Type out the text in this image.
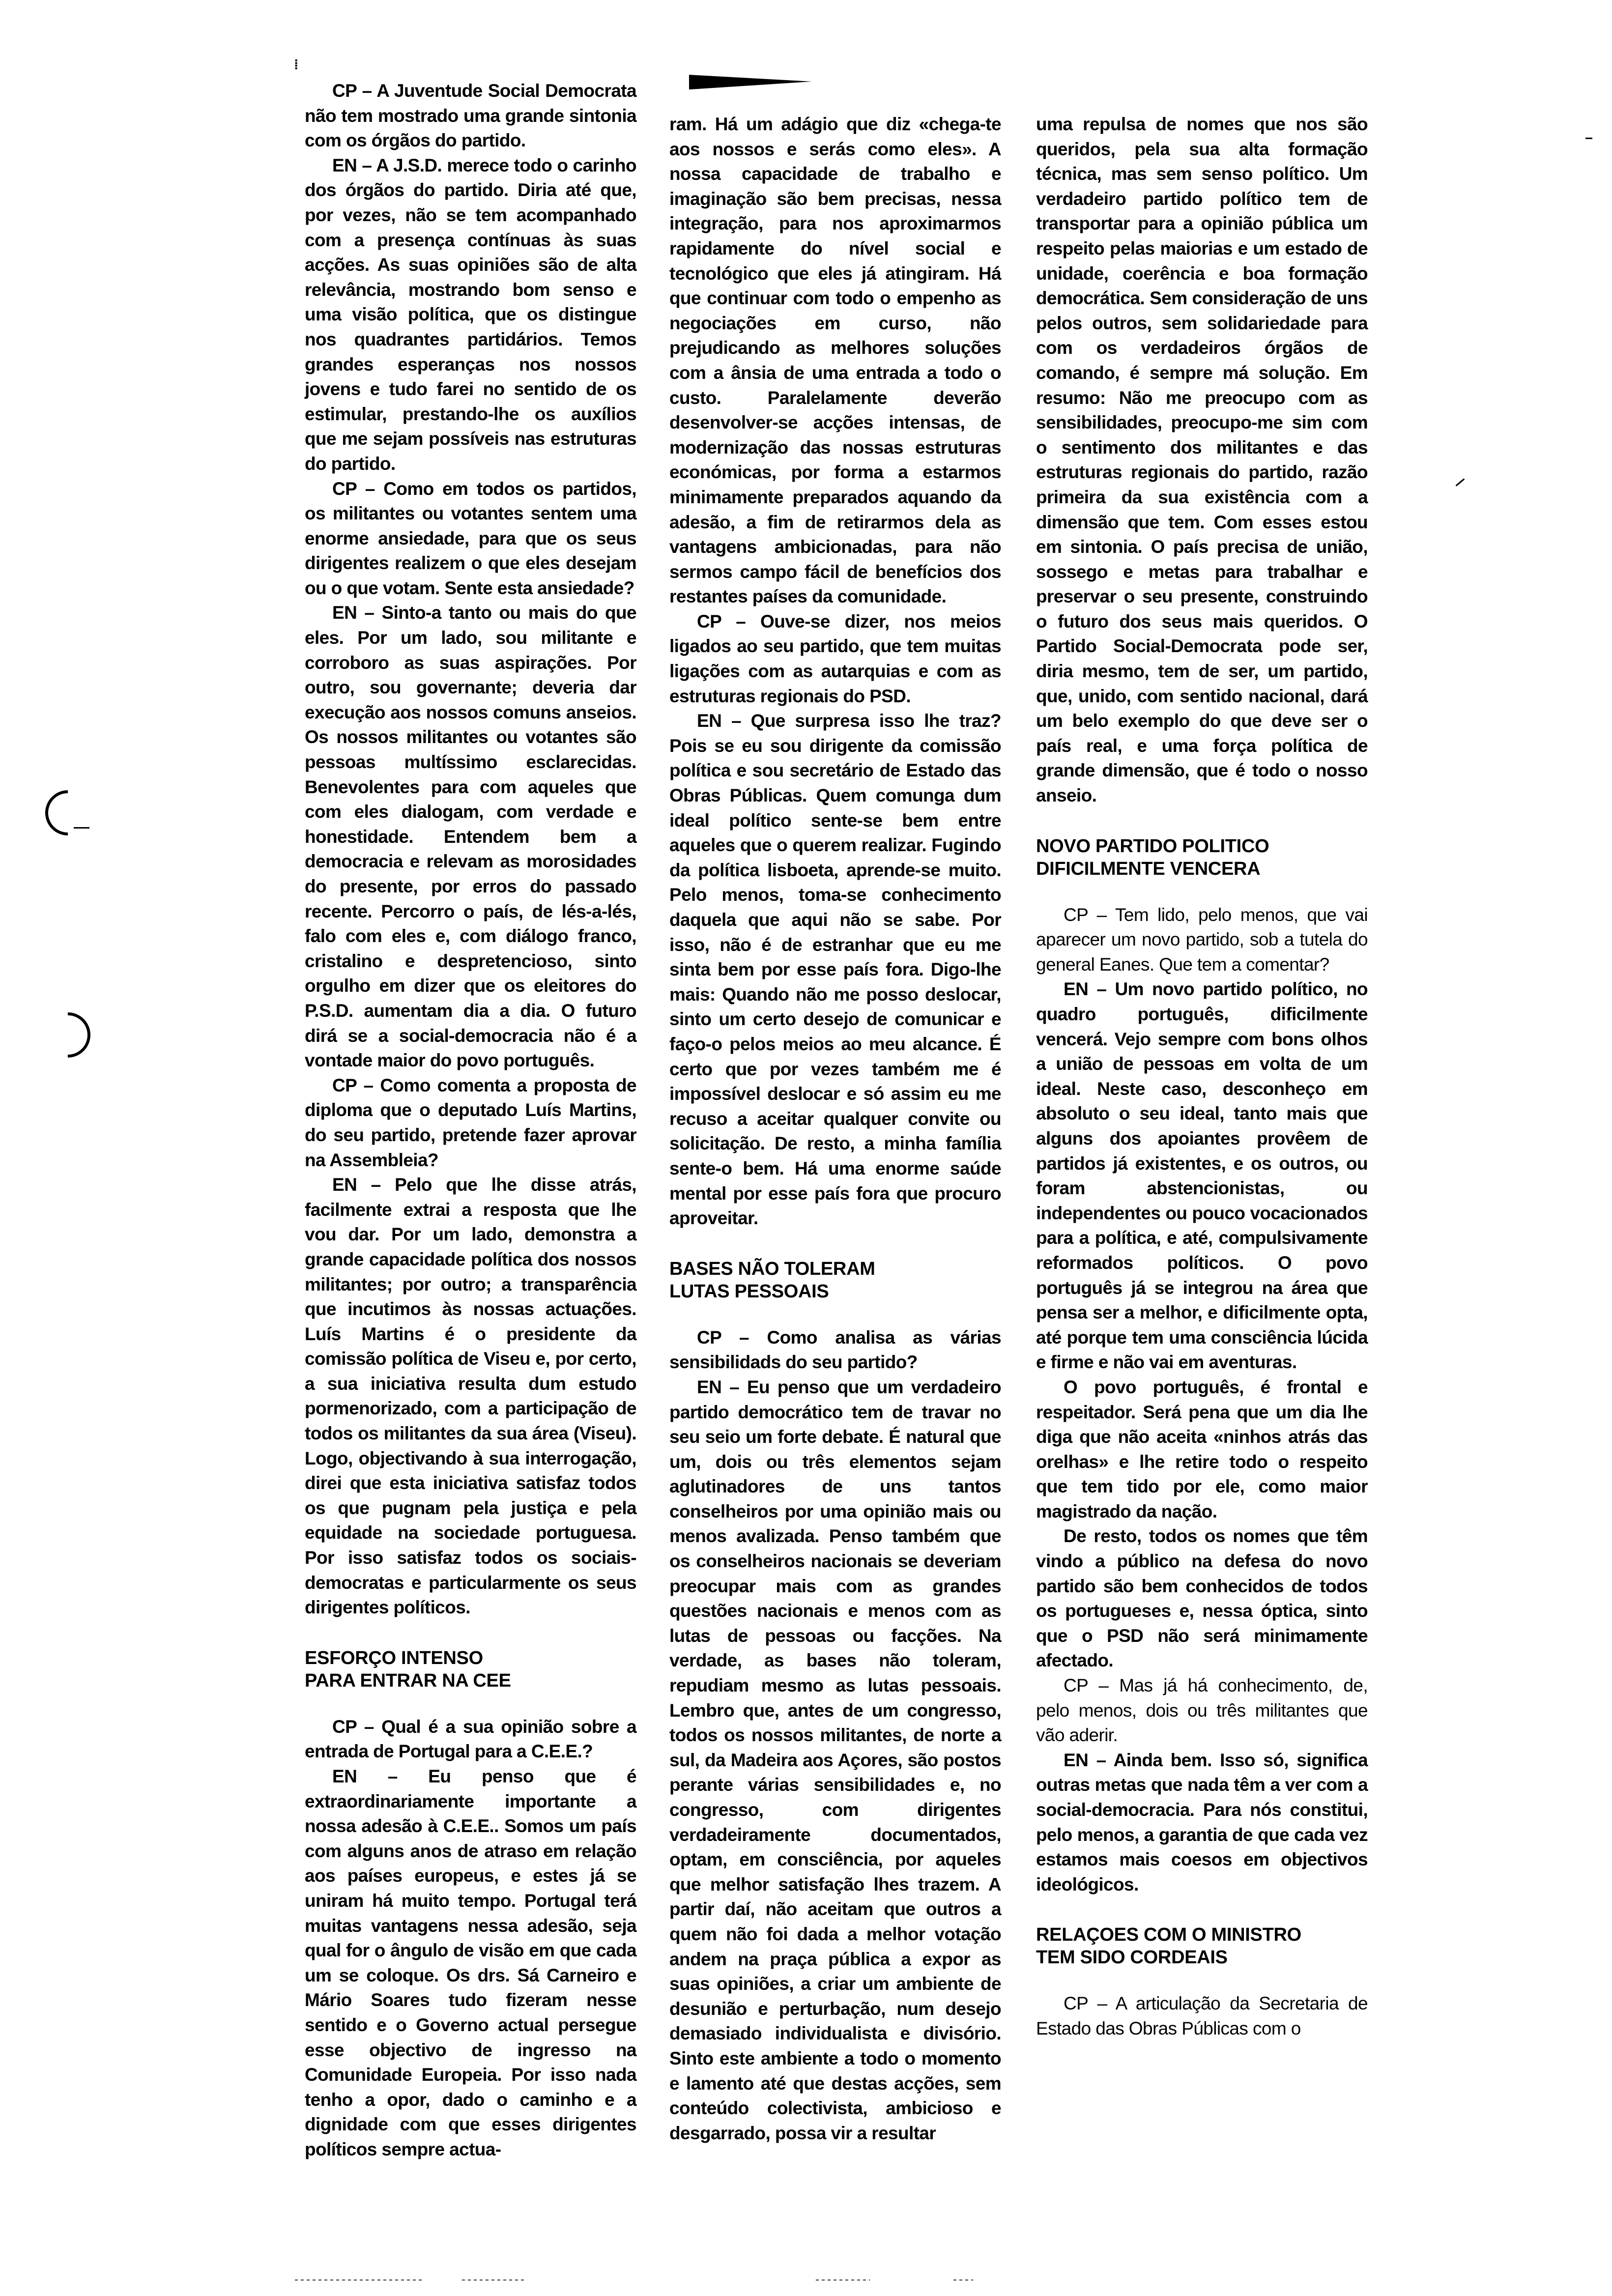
⁞

CP – A Juventude Social Democrata não tem mostrado uma grande sintonia com os órgãos do partido.

EN – A J.S.D. merece todo o carinho dos órgãos do partido. Diria até que, por vezes, não se tem acompanhado com a presença contínuas às suas acções. As suas opiniões são de alta relevância, mostrando bom senso e uma visão política, que os distingue nos quadrantes partidários. Temos grandes esperanças nos nossos jovens e tudo farei no sentido de os estimular, prestando-lhe os auxílios que me sejam possíveis nas estruturas do partido.

CP – Como em todos os partidos, os militantes ou votantes sentem uma enorme ansiedade, para que os seus dirigentes realizem o que eles desejam ou o que votam. Sente esta ansiedade?

EN – Sinto-a tanto ou mais do que eles. Por um lado, sou militante e corroboro as suas aspirações. Por outro, sou governante; deveria dar execução aos nossos comuns anseios. Os nossos militantes ou votantes são pessoas multíssimo esclarecidas. Benevolentes para com aqueles que com eles dialogam, com verdade e honestidade. Entendem bem a democracia e relevam as morosidades do presente, por erros do passado recente. Percorro o país, de lés-a-lés, falo com eles e, com diálogo franco, cristalino e despretencioso, sinto orgulho em dizer que os eleitores do P.S.D. aumentam dia a dia. O futuro dirá se a social-democracia não é a vontade maior do povo português.

CP – Como comenta a proposta de diploma que o deputado Luís Martins, do seu partido, pretende fazer aprovar na Assembleia?

EN – Pelo que lhe disse atrás, facilmente extrai a resposta que lhe vou dar. Por um lado, demonstra a grande capacidade política dos nossos militantes; por outro; a transparência que incutimos às nossas actuações. Luís Martins é o presidente da comissão política de Viseu e, por certo, a sua iniciativa resulta dum estudo pormenorizado, com a participação de todos os militantes da sua área (Viseu). Logo, objectivando à sua interrogação, direi que esta iniciativa satisfaz todos os que pugnam pela justiça e pela equidade na sociedade portuguesa. Por isso satisfaz todos os sociais-democratas e particularmente os seus dirigentes políticos.

ESFORÇO INTENSO
PARA ENTRAR NA CEE

CP – Qual é a sua opinião sobre a entrada de Portugal para a C.E.E.?

EN – Eu penso que é extraordinariamente importante a nossa adesão à C.E.E.. Somos um país com alguns anos de atraso em relação aos países europeus, e estes já se uniram há muito tempo. Portugal terá muitas vantagens nessa adesão, seja qual for o ângulo de visão em que cada um se coloque. Os drs. Sá Carneiro e Mário Soares tudo fizeram nesse sentido e o Governo actual persegue esse objectivo de ingresso na Comunidade Europeia. Por isso nada tenho a opor, dado o caminho e a dignidade com que esses dirigentes políticos sempre actua-

ram. Há um adágio que diz «chega-te aos nossos e serás como eles». A nossa capacidade de trabalho e imaginação são bem precisas, nessa integração, para nos aproximarmos rapidamente do nível social e tecnológico que eles já atingiram. Há que continuar com todo o empenho as negociações em curso, não prejudicando as melhores soluções com a ânsia de uma entrada a todo o custo. Paralelamente deverão desenvolver-se acções intensas, de modernização das nossas estruturas económicas, por forma a estarmos minimamente preparados aquando da adesão, a fim de retirarmos dela as vantagens ambicionadas, para não sermos campo fácil de benefícios dos restantes países da comunidade.

CP – Ouve-se dizer, nos meios ligados ao seu partido, que tem muitas ligações com as autarquias e com as estruturas regionais do PSD.

EN – Que surpresa isso lhe traz? Pois se eu sou dirigente da comissão política e sou secretário de Estado das Obras Públicas. Quem comunga dum ideal político sente-se bem entre aqueles que o querem realizar. Fugindo da política lisboeta, aprende-se muito. Pelo menos, toma-se conhecimento daquela que aqui não se sabe. Por isso, não é de estranhar que eu me sinta bem por esse país fora. Digo-lhe mais: Quando não me posso deslocar, sinto um certo desejo de comunicar e faço-o pelos meios ao meu alcance. É certo que por vezes também me é impossível deslocar e só assim eu me recuso a aceitar qualquer convite ou solicitação. De resto, a minha família sente-o bem. Há uma enorme saúde mental por esse país fora que procuro aproveitar.

BASES NÃO TOLERAM
LUTAS PESSOAIS

CP – Como analisa as várias sensibilidads do seu partido?

EN – Eu penso que um verdadeiro partido democrático tem de travar no seu seio um forte debate. É natural que um, dois ou três elementos sejam aglutinadores de uns tantos conselheiros por uma opinião mais ou menos avalizada. Penso também que os conselheiros nacionais se deveriam preocupar mais com as grandes questões nacionais e menos com as lutas de pessoas ou facções. Na verdade, as bases não toleram, repudiam mesmo as lutas pessoais. Lembro que, antes de um congresso, todos os nossos militantes, de norte a sul, da Madeira aos Açores, são postos perante várias sensibilidades e, no congresso, com dirigentes verdadeiramente documentados, optam, em consciência, por aqueles que melhor satisfação lhes trazem. A partir daí, não aceitam que outros a quem não foi dada a melhor votação andem na praça pública a expor as suas opiniões, a criar um ambiente de desunião e perturbação, num desejo demasiado individualista e divisório. Sinto este ambiente a todo o momento e lamento até que destas acções, sem conteúdo colectivista, ambicioso e desgarrado, possa vir a resultar

uma repulsa de nomes que nos são queridos, pela sua alta formação técnica, mas sem senso político. Um verdadeiro partido político tem de transportar para a opinião pública um respeito pelas maiorias e um estado de unidade, coerência e boa formação democrática. Sem consideração de uns pelos outros, sem solidariedade para com os verdadeiros órgãos de comando, é sempre má solução. Em resumo: Não me preocupo com as sensibilidades, preocupo-me sim com o sentimento dos militantes e das estruturas regionais do partido, razão primeira da sua existência com a dimensão que tem. Com esses estou em sintonia. O país precisa de união, sossego e metas para trabalhar e preservar o seu presente, construindo o futuro dos seus mais queridos. O Partido Social-Democrata pode ser, diria mesmo, tem de ser, um partido, que, unido, com sentido nacional, dará um belo exemplo do que deve ser o país real, e uma força política de grande dimensão, que é todo o nosso anseio.

NOVO PARTIDO POLITICO
DIFICILMENTE VENCERA

CP – Tem lido, pelo menos, que vai aparecer um novo partido, sob a tutela do general Eanes. Que tem a comentar?

EN – Um novo partido político, no quadro português, dificilmente vencerá. Vejo sempre com bons olhos a união de pessoas em volta de um ideal. Neste caso, desconheço em absoluto o seu ideal, tanto mais que alguns dos apoiantes provêem de partidos já existentes, e os outros, ou foram abstencionistas, ou independentes ou pouco vocacionados para a política, e até, compulsivamente reformados políticos. O povo português já se integrou na área que pensa ser a melhor, e dificilmente opta, até porque tem uma consciência lúcida e firme e não vai em aventuras.

O povo português, é frontal e respeitador. Será pena que um dia lhe diga que não aceita «ninhos atrás das orelhas» e lhe retire todo o respeito que tem tido por ele, como maior magistrado da nação.

De resto, todos os nomes que têm vindo a público na defesa do novo partido são bem conhecidos de todos os portugueses e, nessa óptica, sinto que o PSD não será minimamente afectado.

CP – Mas já há conhecimento, de, pelo menos, dois ou três militantes que vão aderir.

EN – Ainda bem. Isso só, significa outras metas que nada têm a ver com a social-democracia. Para nós constitui, pelo menos, a garantia de que cada vez estamos mais coesos em objectivos ideológicos.

RELAÇOES COM O MINISTRO
TEM SIDO CORDEAIS

CP – A articulação da Secretaria de Estado das Obras Públicas com o
